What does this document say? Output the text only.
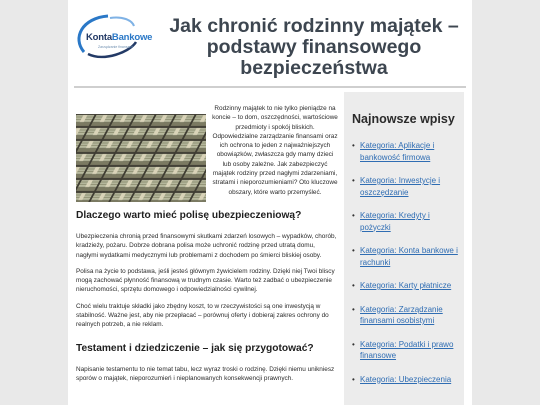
KontaBankowe
Zarządzanie finansami
Jak chronić rodzinny majątek – podstawy finansowego bezpieczeństwa

Rodzinny majątek to nie tylko pieniądze na koncie – to dom, oszczędności, wartościowe przedmioty i spokój bliskich. Odpowiedzialne zarządzanie finansami oraz ich ochrona to jeden z najważniejszych obowiązków, zwłaszcza gdy mamy dzieci lub osoby zależne. Jak zabezpieczyć majątek rodziny przed nagłymi zdarzeniami, stratami i nieporozumieniami? Oto kluczowe obszary, które warto przemyśleć.

Dlaczego warto mieć polisę ubezpieczeniową?

Ubezpieczenia chronią przed finansowymi skutkami zdarzeń losowych – wypadków, chorób, kradzieży, pożaru. Dobrze dobrana polisa może uchronić rodzinę przed utratą domu, nagłymi wydatkami medycznymi lub problemami z dochodem po śmierci bliskiej osoby.

Polisa na życie to podstawa, jeśli jesteś głównym żywicielem rodziny. Dzięki niej Twoi bliscy mogą zachować płynność finansową w trudnym czasie. Warto też zadbać o ubezpieczenie nieruchomości, sprzętu domowego i odpowiedzialności cywilnej.

Choć wielu traktuje składki jako zbędny koszt, to w rzeczywistości są one inwestycją w stabilność. Ważne jest, aby nie przepłacać – porównuj oferty i dobieraj zakres ochrony do realnych potrzeb, a nie reklam.

Testament i dziedziczenie – jak się przygotować?

Napisanie testamentu to nie temat tabu, lecz wyraz troski o rodzinę. Dzięki niemu unikniesz sporów o majątek, nieporozumień i nieplanowanych konsekwencji prawnych.

Najnowsze wpisy
• Kategoria: Aplikacje i bankowość firmowa
• Kategoria: Inwestycje i oszczędzanie
• Kategoria: Kredyty i pożyczki
• Kategoria: Konta bankowe i rachunki
• Kategoria: Karty płatnicze
• Kategoria: Zarządzanie finansami osobistymi
• Kategoria: Podatki i prawo finansowe
• Kategoria: Ubezpieczenia
